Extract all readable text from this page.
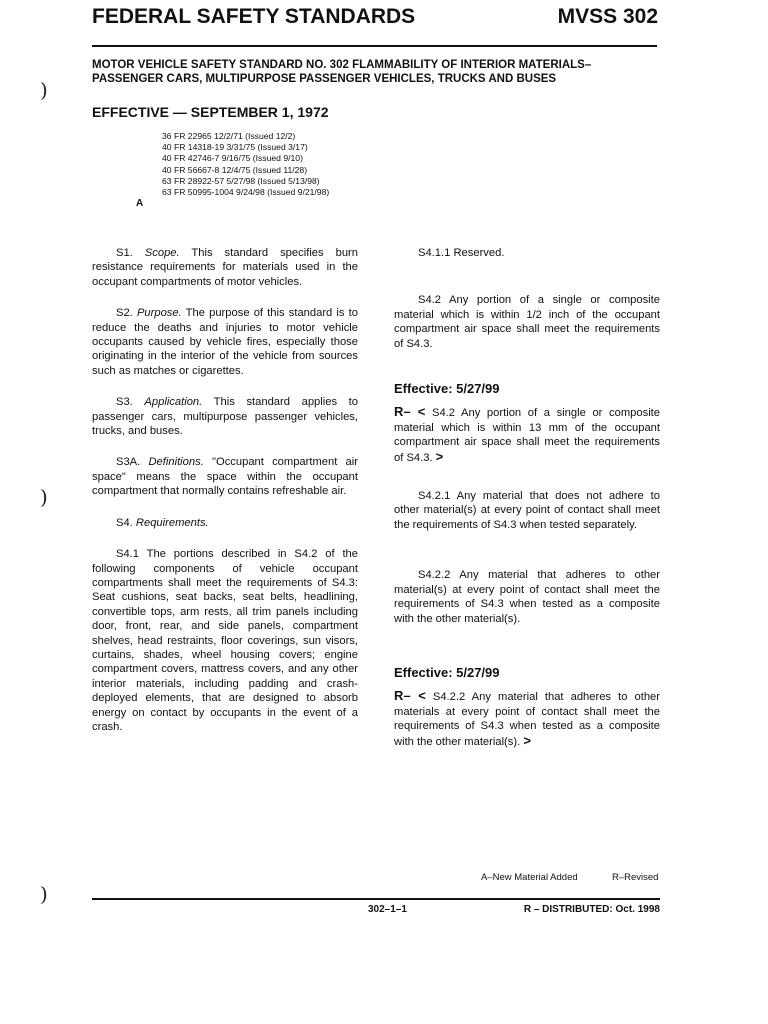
FEDERAL SAFETY STANDARDS	MVSS 302
)
)
)
MOTOR VEHICLE SAFETY STANDARD NO. 302 FLAMMABILITY OF INTERIOR MATERIALS– PASSENGER CARS, MULTIPURPOSE PASSENGER VEHICLES, TRUCKS AND BUSES
EFFECTIVE — SEPTEMBER 1, 1972
36 FR 22965 12/2/71 (Issued 12/2)
40 FR 14318-19 3/31/75 (Issued 3/17)
40 FR 42746-7 9/16/75 (Issued 9/10)
40 FR 56667-8 12/4/75 (Issued 11/28)
63 FR 28922-57 5/27/98 (Issued 5/13/98)
63 FR 50995-1004 9/24/98 (Issued 9/21/98)
A

S1. Scope. This standard specifies burn resistance requirements for materials used in the occupant compartments of motor vehicles.

S2. Purpose. The purpose of this standard is to reduce the deaths and injuries to motor vehicle occupants caused by vehicle fires, especially those originating in the interior of the vehicle from sources such as matches or cigarettes.

S3. Application. This standard applies to passenger cars, multipurpose passenger vehicles, trucks, and buses.

S3A. Definitions. "Occupant compartment air space" means the space within the occupant compartment that normally contains refreshable air.

S4. Requirements.

S4.1 The portions described in S4.2 of the following components of vehicle occupant compartments shall meet the requirements of S4.3: Seat cushions, seat backs, seat belts, headlining, convertible tops, arm rests, all trim panels including door, front, rear, and side panels, compartment shelves, head restraints, floor coverings, sun visors, curtains, shades, wheel housing covers; engine compartment covers, mattress covers, and any other interior materials, including padding and crash-deployed elements, that are designed to absorb energy on contact by occupants in the event of a crash.

S4.1.1 Reserved.

S4.2 Any portion of a single or composite material which is within 1/2 inch of the occupant compartment air space shall meet the requirements of S4.3.

Effective: 5/27/99

R– < S4.2 Any portion of a single or composite material which is within 13 mm of the occupant compartment air space shall meet the requirements of S4.3. >

S4.2.1 Any material that does not adhere to other material(s) at every point of contact shall meet the requirements of S4.3 when tested separately.

S4.2.2 Any material that adheres to other material(s) at every point of contact shall meet the requirements of S4.3 when tested as a composite with the other material(s).

Effective: 5/27/99

R– < S4.2.2 Any material that adheres to other materials at every point of contact shall meet the requirements of S4.3 when tested as a composite with the other material(s). >

A–New Material Added	R–Revised
302–1–1	R – DISTRIBUTED: Oct. 1998
